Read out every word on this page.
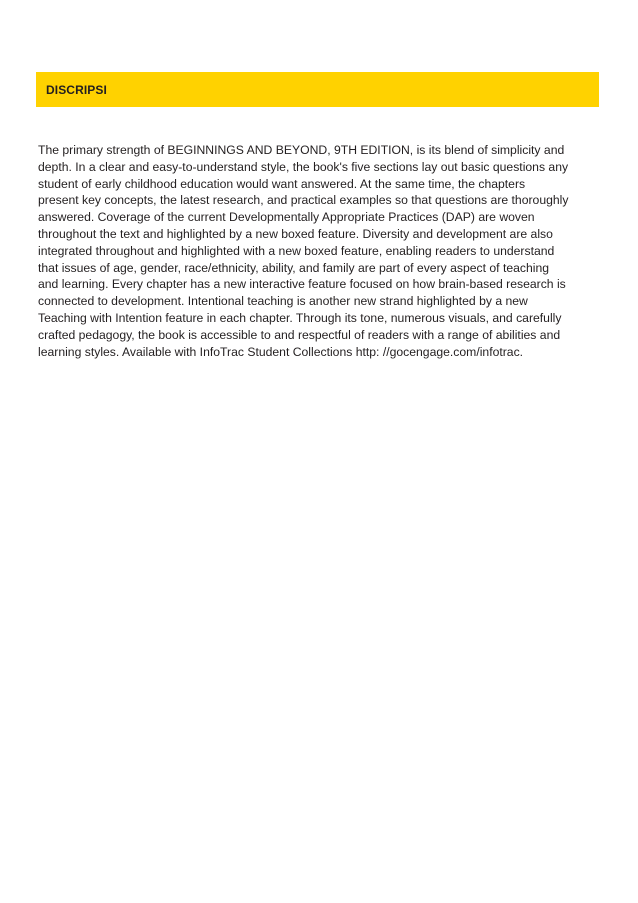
DISCRIPSI

The primary strength of BEGINNINGS AND BEYOND, 9TH EDITION, is its blend of simplicity and
depth. In a clear and easy-to-understand style, the book's five sections lay out basic questions any
student of early childhood education would want answered. At the same time, the chapters
present key concepts, the latest research, and practical examples so that questions are thoroughly
answered. Coverage of the current Developmentally Appropriate Practices (DAP) are woven
throughout the text and highlighted by a new boxed feature. Diversity and development are also
integrated throughout and highlighted with a new boxed feature, enabling readers to understand
that issues of age, gender, race/ethnicity, ability, and family are part of every aspect of teaching
and learning. Every chapter has a new interactive feature focused on how brain-based research is
connected to development. Intentional teaching is another new strand highlighted by a new
Teaching with Intention feature in each chapter. Through its tone, numerous visuals, and carefully
crafted pedagogy, the book is accessible to and respectful of readers with a range of abilities and
learning styles. Available with InfoTrac Student Collections http: //gocengage.com/infotrac.
